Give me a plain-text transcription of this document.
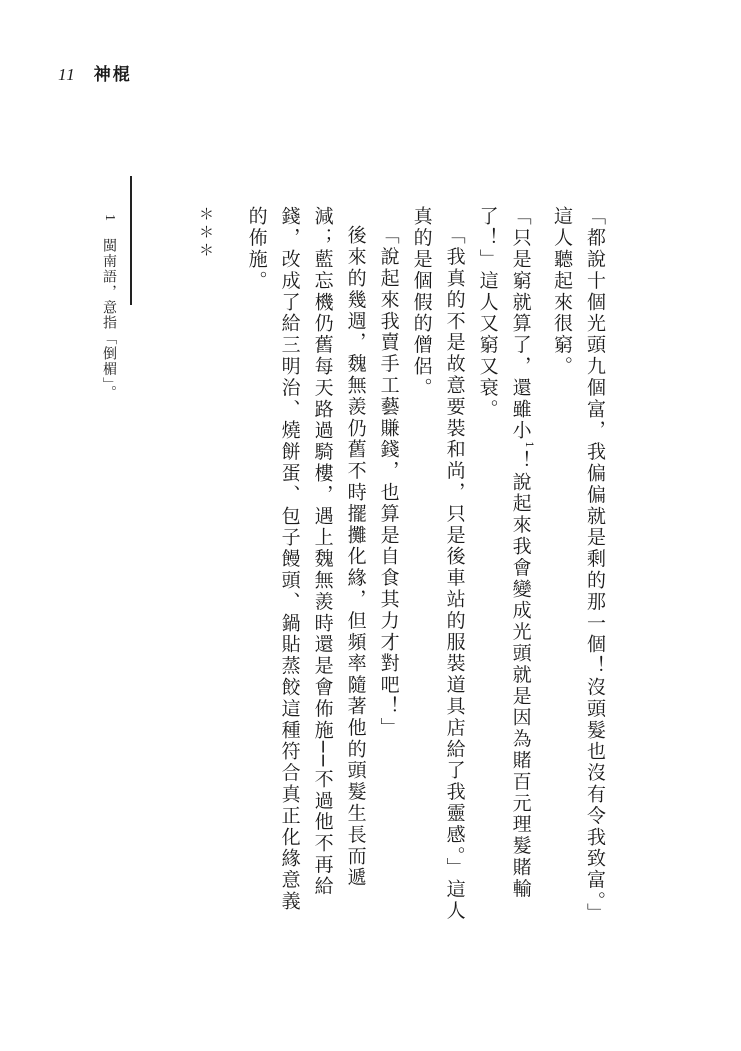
11 神棍

「都說十個光頭九個富，我偏偏就是剩的那一個！沒頭髮也沒有令我致富。」這人聽起來很窮。

「只是窮就算了，還雖小$^1$！說起來我會變成光頭就是因為賭百元理髮賭輸了！」這人又窮又衰。

「我真的不是故意要裝和尚，只是後車站的服裝道具店給了我靈感。」這人真的是個假的僧侶。

「說起來我賣手工藝賺錢，也算是自食其力才對吧！」

後來的幾週，魏無羨仍舊不時擺攤化緣，但頻率隨著他的頭髮生長而遞減；藍忘機仍舊每天路過騎樓，遇上魏無羨時還是會佈施──不過他不再給錢，改成了給三明治、燒餅蛋、包子饅頭、鍋貼蒸餃這種符合真正化緣意義的佈施。

＊＊＊
1閩南語，意指「倒楣」。
